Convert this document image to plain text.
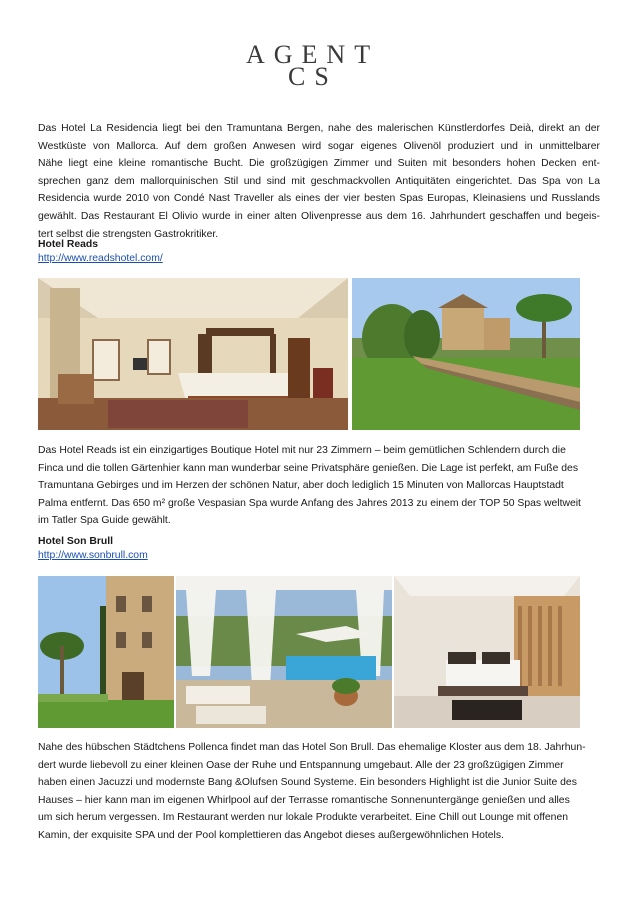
AGENT
CS
Das Hotel La Residencia liegt bei den Tramuntana Bergen, nahe des malerischen Künstlerdorfes Deià, direkt an der
Westküste von Mallorca. Auf dem großen Anwesen wird sogar eigenes Olivenöl produziert und in unmittelbarer
Nähe liegt eine kleine romantische Bucht. Die großzügigen Zimmer und Suiten mit besonders hohen Decken ent-
sprechen ganz dem mallorquinischen Stil und sind mit geschmackvollen Antiquitäten eingerichtet. Das Spa von La
Residencia wurde 2010 von Condé Nast Traveller als eines der vier besten Spas Europas, Kleinasiens und Russlands
gewählt. Das Restaurant El Olivio wurde in einer alten Olivenpresse aus dem 16. Jahrhundert geschaffen und begeis-
tert selbst die strengsten Gastrokritiker.
Hotel Reads
http://www.readshotel.com/
Das Hotel Reads ist ein einzigartiges Boutique Hotel mit nur 23 Zimmern – beim gemütlichen Schlendern durch die
Finca und die tollen Gärtenhier kann man wunderbar seine Privatsphäre genießen. Die Lage ist perfekt, am Fuße des
Tramuntana Gebirges und im Herzen der schönen Natur, aber doch lediglich 15 Minuten von Mallorcas Hauptstadt
Palma entfernt. Das 650 m² große Vespasian Spa wurde Anfang des Jahres 2013 zu einem der TOP 50 Spas weltweit
im Tatler Spa Guide gewählt.
Hotel Son Brull
http://www.sonbrull.com
Nahe des hübschen Städtchens Pollenca findet man das Hotel Son Brull. Das ehemalige Kloster aus dem 18. Jahrhun-
dert wurde liebevoll zu einer kleinen Oase der Ruhe und Entspannung umgebaut. Alle der 23 großzügigen Zimmer
haben einen Jacuzzi und modernste Bang &Olufsen Sound Systeme. Ein besonders Highlight ist die Junior Suite des
Hauses – hier kann man im eigenen Whirlpool auf der Terrasse romantische Sonnenuntergänge genießen und alles
um sich herum vergessen. Im Restaurant werden nur lokale Produkte verarbeitet. Eine Chill out Lounge mit offenen
Kamin, der exquisite SPA und der Pool komplettieren das Angebot dieses außergewöhnlichen Hotels.
